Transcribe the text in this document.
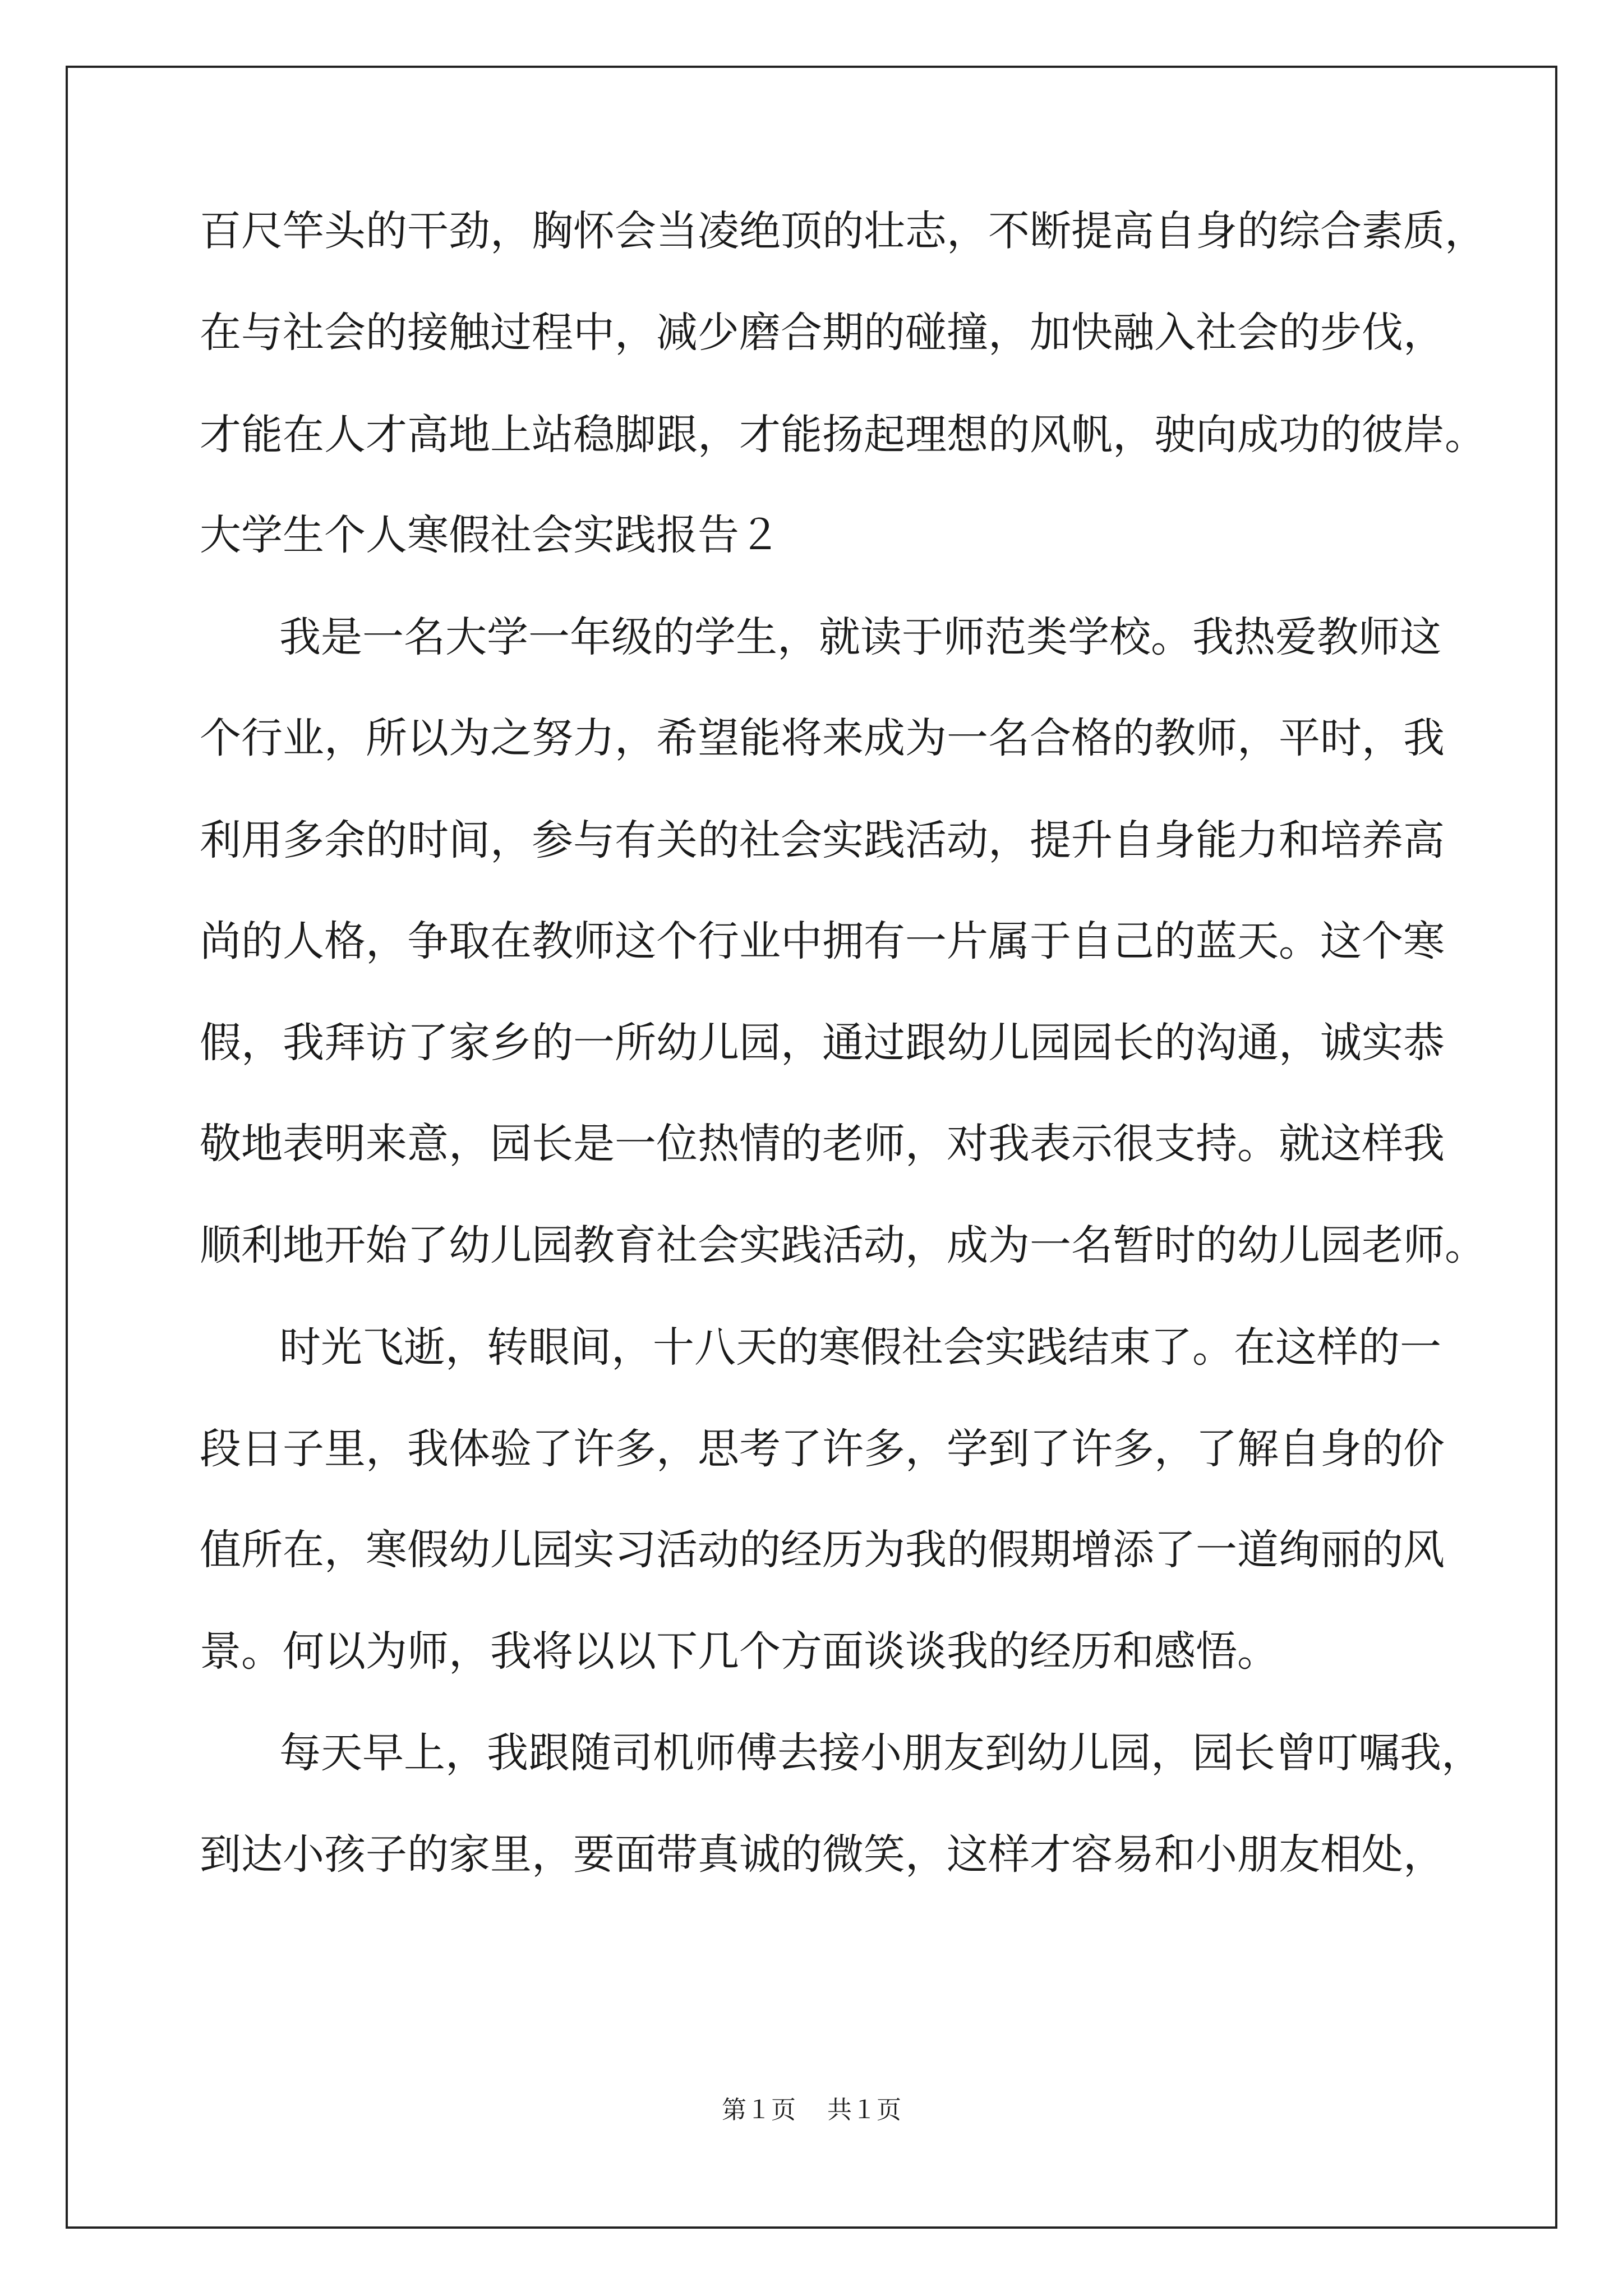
百尺竿头的干劲，胸怀会当凌绝顶的壮志，不断提高自身的综合素质，
在与社会的接触过程中，减少磨合期的碰撞，加快融入社会的步伐，
才能在人才高地上站稳脚跟，才能扬起理想的风帆，驶向成功的彼岸。
大学生个人寒假社会实践报告２
我是一名大学一年级的学生，就读于师范类学校。我热爱教师这
个行业，所以为之努力，希望能将来成为一名合格的教师，平时，我
利用多余的时间，参与有关的社会实践活动，提升自身能力和培养高
尚的人格，争取在教师这个行业中拥有一片属于自己的蓝天。这个寒
假，我拜访了家乡的一所幼儿园，通过跟幼儿园园长的沟通，诚实恭
敬地表明来意，园长是一位热情的老师，对我表示很支持。就这样我
顺利地开始了幼儿园教育社会实践活动，成为一名暂时的幼儿园老师。
时光飞逝，转眼间，十八天的寒假社会实践结束了。在这样的一
段日子里，我体验了许多，思考了许多，学到了许多，了解自身的价
值所在，寒假幼儿园实习活动的经历为我的假期增添了一道绚丽的风
景。何以为师，我将以以下几个方面谈谈我的经历和感悟。
每天早上，我跟随司机师傅去接小朋友到幼儿园，园长曾叮嘱我，
到达小孩子的家里，要面带真诚的微笑，这样才容易和小朋友相处，
第１页 共１页
